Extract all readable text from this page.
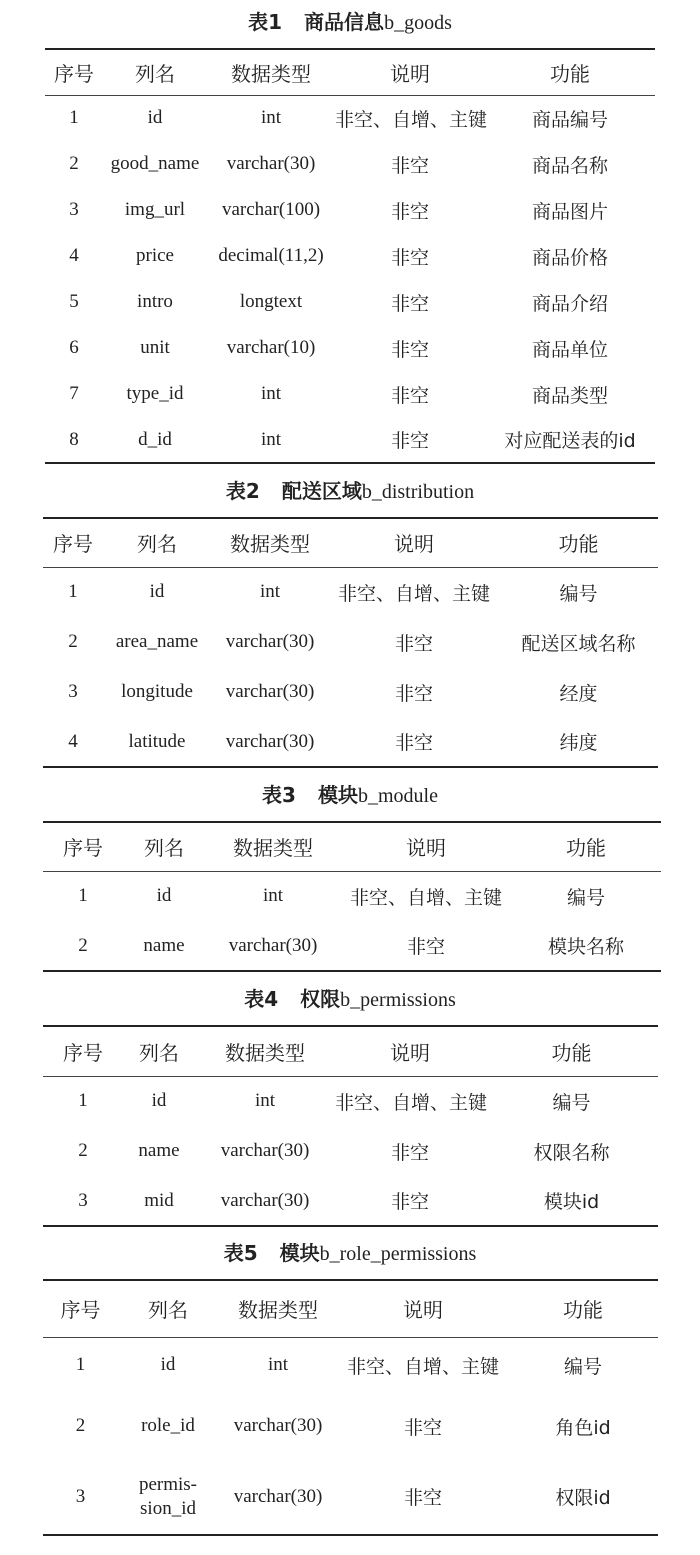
表1 商品信息b_goods
序号	列名	数据类型	说明	功能
1	id	int	非空、自增、主键	商品编号
2	good_name	varchar(30)	非空	商品名称
3	img_url	varchar(100)	非空	商品图片
4	price	decimal(11,2)	非空	商品价格
5	intro	longtext	非空	商品介绍
6	unit	varchar(10)	非空	商品单位
7	type_id	int	非空	商品类型
8	d_id	int	非空	对应配送表的id
表2 配送区域b_distribution
序号	列名	数据类型	说明	功能
1	id	int	非空、自增、主键	编号
2	area_name	varchar(30)	非空	配送区域名称
3	longitude	varchar(30)	非空	经度
4	latitude	varchar(30)	非空	纬度
表3 模块b_module
序号	列名	数据类型	说明	功能
1	id	int	非空、自增、主键	编号
2	name	varchar(30)	非空	模块名称
表4 权限b_permissions
序号	列名	数据类型	说明	功能
1	id	int	非空、自增、主键	编号
2	name	varchar(30)	非空	权限名称
3	mid	varchar(30)	非空	模块id
表5 模块b_role_permissions
序号	列名	数据类型	说明	功能
1	id	int	非空、自增、主键	编号
2	role_id	varchar(30)	非空	角色id
3	permis-sion_id	varchar(30)	非空	权限id
